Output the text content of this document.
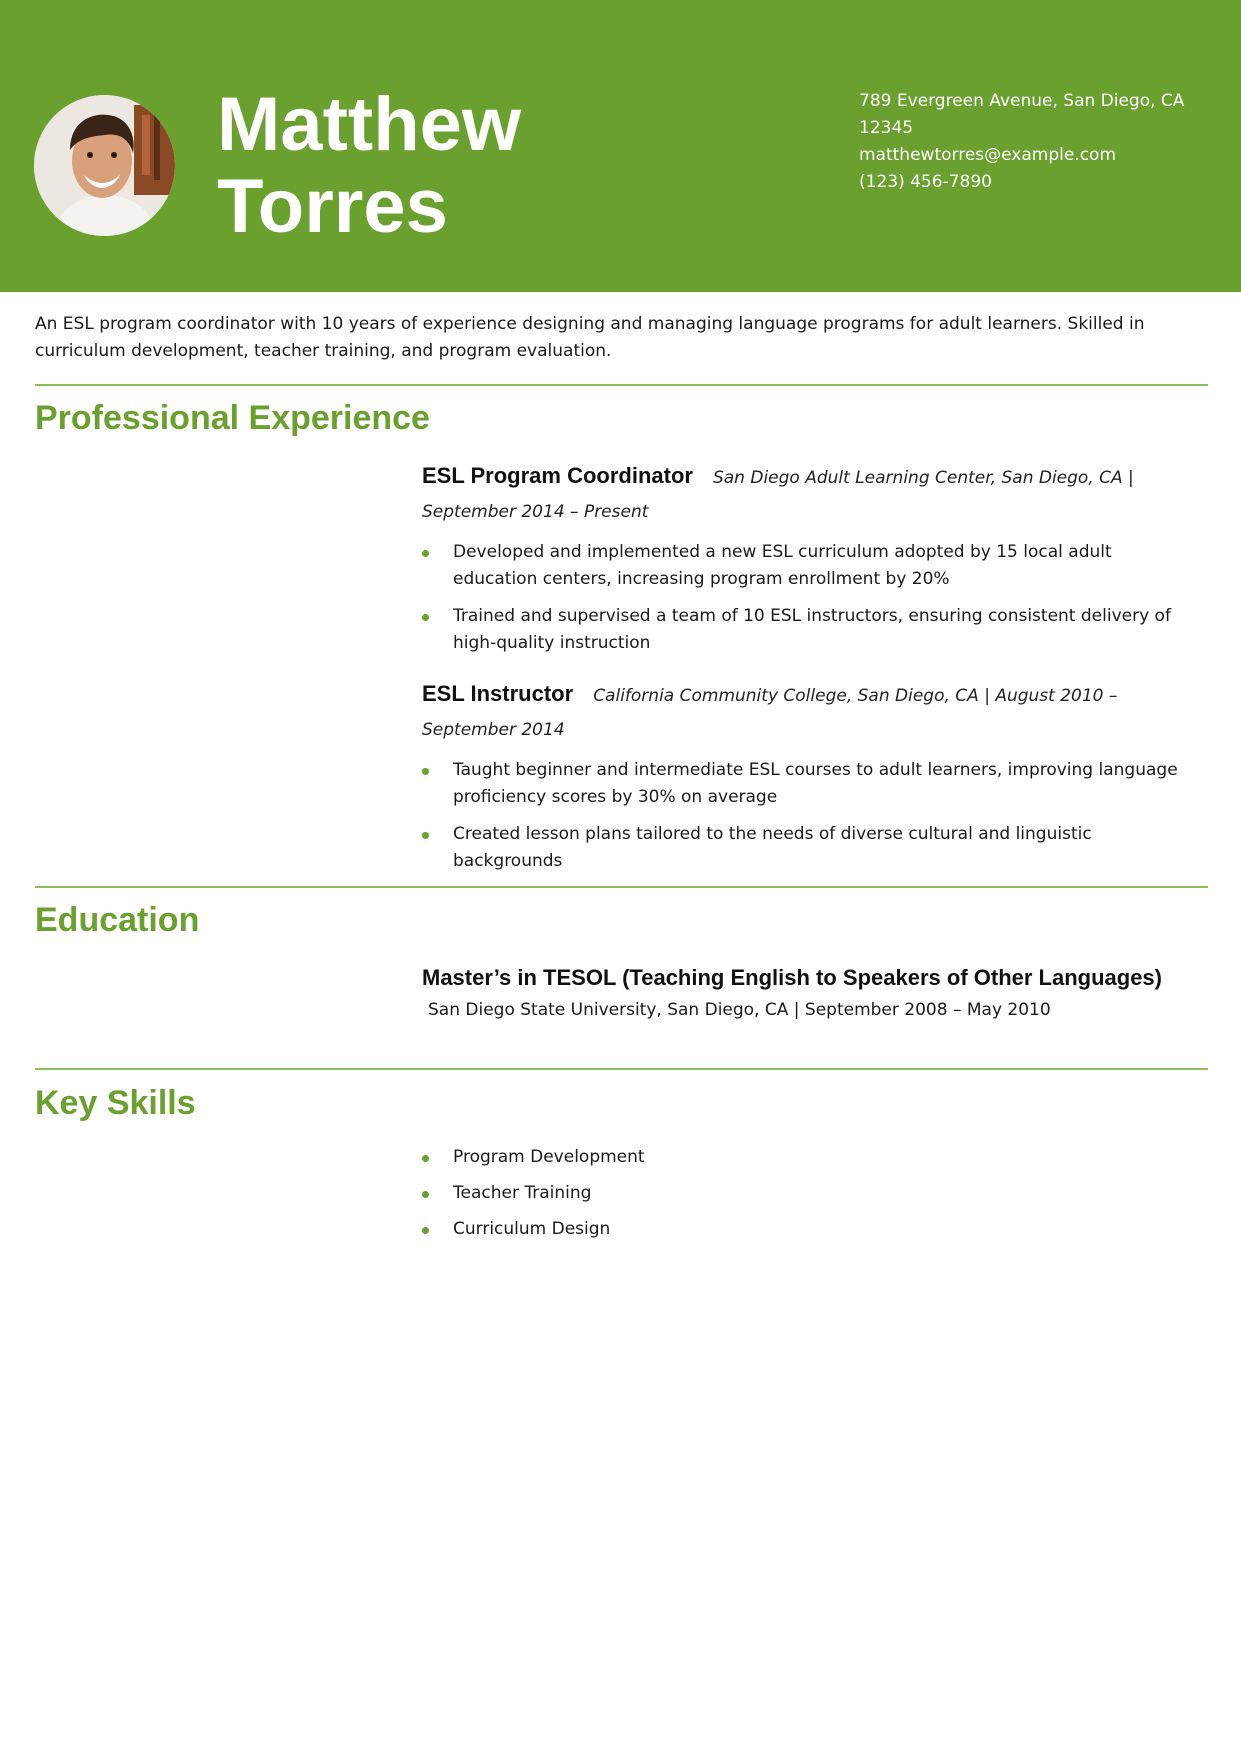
Matthew
Torres
789 Evergreen Avenue, San Diego, CA 12345
matthewtorres@example.com
(123) 456-7890

An ESL program coordinator with 10 years of experience designing and managing language programs for adult learners. Skilled in curriculum development, teacher training, and program evaluation.

Professional Experience

ESL Program Coordinator San Diego Adult Learning Center, San Diego, CA | September 2014 – Present

Developed and implemented a new ESL curriculum adopted by 15 local adult education centers, increasing program enrollment by 20%
Trained and supervised a team of 10 ESL instructors, ensuring consistent delivery of high-quality instruction

ESL Instructor California Community College, San Diego, CA | August 2010 – September 2014

Taught beginner and intermediate ESL courses to adult learners, improving language proficiency scores by 30% on average
Created lesson plans tailored to the needs of diverse cultural and linguistic backgrounds
Education

Master’s in TESOL (Teaching English to Speakers of Other Languages)

San Diego State University, San Diego, CA | September 2008 – May 2010

Key Skills
Program Development
Teacher Training
Curriculum Design
